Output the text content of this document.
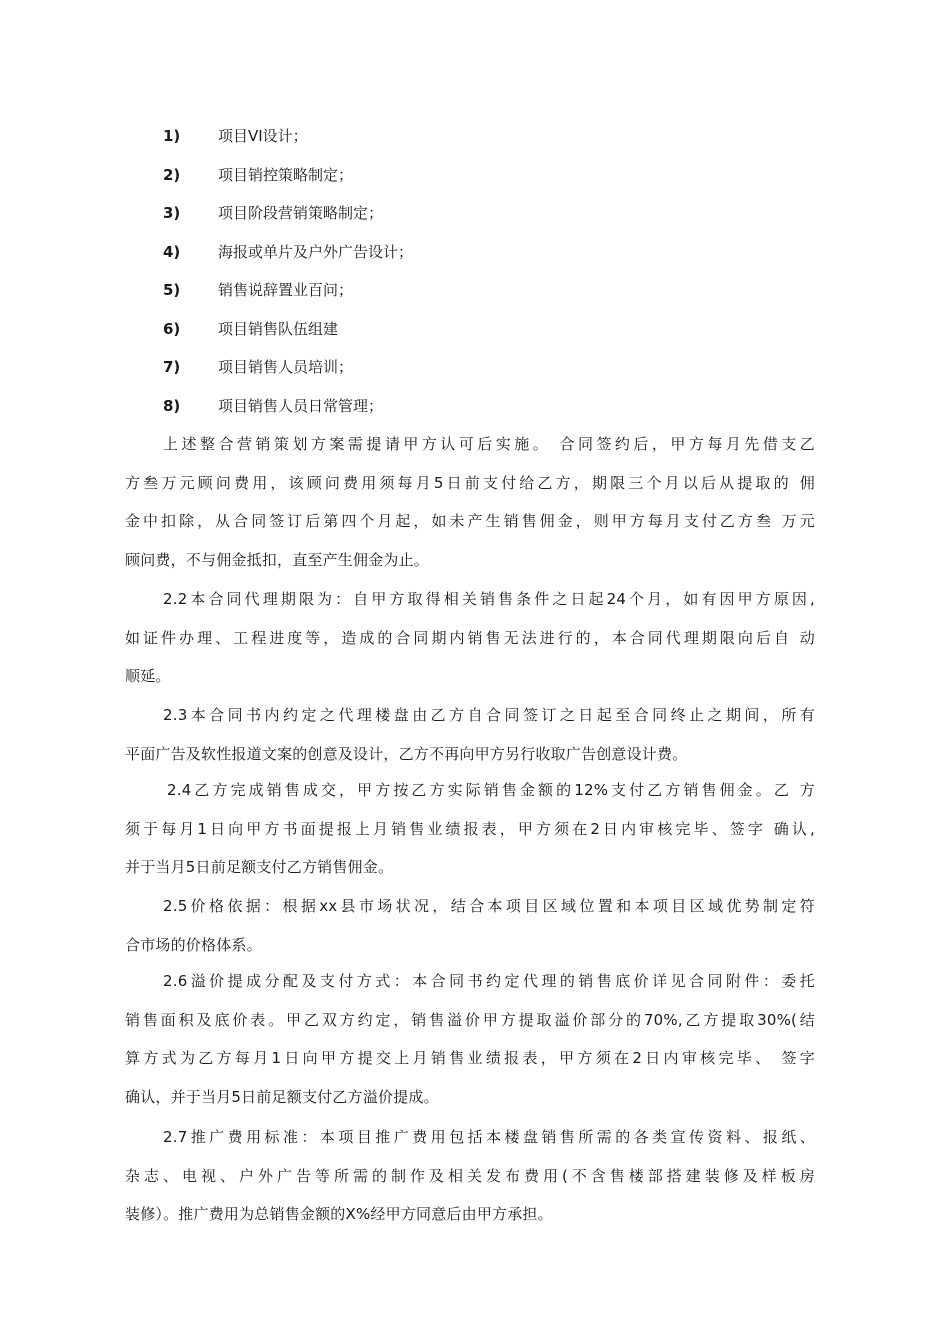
1)	项目VI设计；
2)	项目销控策略制定；
3)	项目阶段营销策略制定；
4)	海报或单片及户外广告设计；
5)	销售说辞置业百问；
6)	项目销售队伍组建
7)	项目销售人员培训；
8)	项目销售人员日常管理；
上述整合营销策划方案需提请甲方认可后实施。 合同签约后，甲方每月先借支乙
方叁万元顾问费用，该顾问费用须每月5日前支付给乙方，期限三个月以后从提取的 佣
金中扣除，从合同签订后第四个月起，如未产生销售佣金，则甲方每月支付乙方叁 万元
顾问费，不与佣金抵扣，直至产生佣金为止。
2.2本合同代理期限为：自甲方取得相关销售条件之日起24个月，如有因甲方原因,
如证件办理、工程进度等，造成的合同期内销售无法进行的，本合同代理期限向后自 动
顺延。
2.3本合同书内约定之代理楼盘由乙方自合同签订之日起至合同终止之期间，所有
平面广告及软性报道文案的创意及设计，乙方不再向甲方另行收取广告创意设计费。
2.4乙方完成销售成交，甲方按乙方实际销售金额的12%支付乙方销售佣金。乙 方
须于每月1日向甲方书面提报上月销售业绩报表，甲方须在2日内审核完毕、签字 确认,
并于当月5日前足额支付乙方销售佣金。
2.5价格依据：根据xx县市场状况，结合本项目区域位置和本项目区域优势制定符
合市场的价格体系。
2.6溢价提成分配及支付方式：本合同书约定代理的销售底价详见合同附件：委托
销售面积及底价表。甲乙双方约定，销售溢价甲方提取溢价部分的70%,乙方提取30%(结
算方式为乙方每月1日向甲方提交上月销售业绩报表，甲方须在2日内审核完毕、 签字
确认，并于当月5日前足额支付乙方溢价提成。
2.7推广费用标准：本项目推广费用包括本楼盘销售所需的各类宣传资料、报纸、
杂志、电视、户外广告等所需的制作及相关发布费用(不含售楼部搭建装修及样板房
装修）。推广费用为总销售金额的X%经甲方同意后由甲方承担。
